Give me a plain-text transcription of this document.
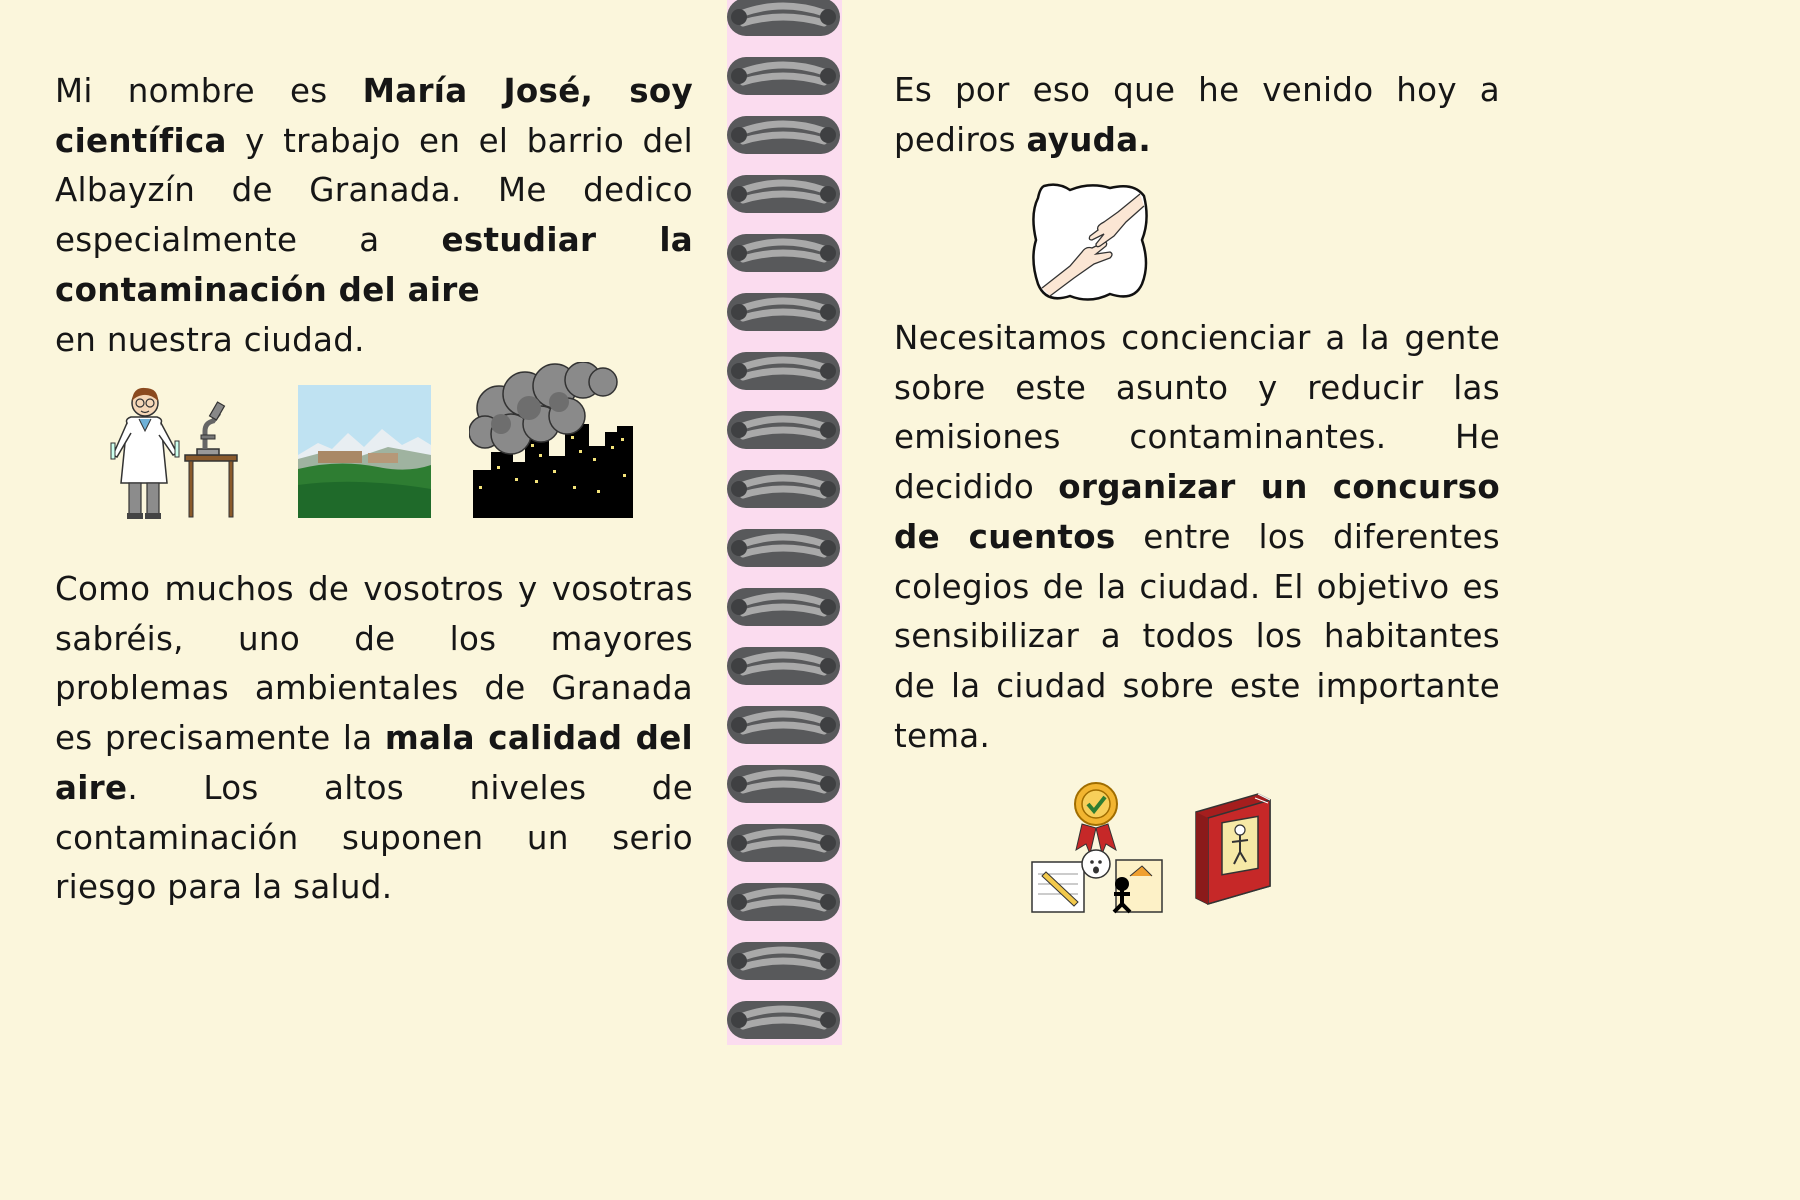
Mi nombre es María José, soy científica y trabajo en el barrio del Albayzín de Granada. Me dedico especialmente a estudiar la contaminación del aire
en nuestra ciudad.

Como muchos de vosotros y vosotras sabréis, uno de los mayores problemas ambientales de Granada es precisamente la mala calidad del aire. Los altos niveles de contaminación suponen un serio riesgo para la salud.

Es por eso que he venido hoy a pediros ayuda.

Necesitamos concienciar a la gente sobre este asunto y reducir las emisiones contaminantes. He decidido organizar un concurso de cuentos entre los diferentes colegios de la ciudad. El objetivo es sensibilizar a todos los habitantes de la ciudad sobre este importante tema.
